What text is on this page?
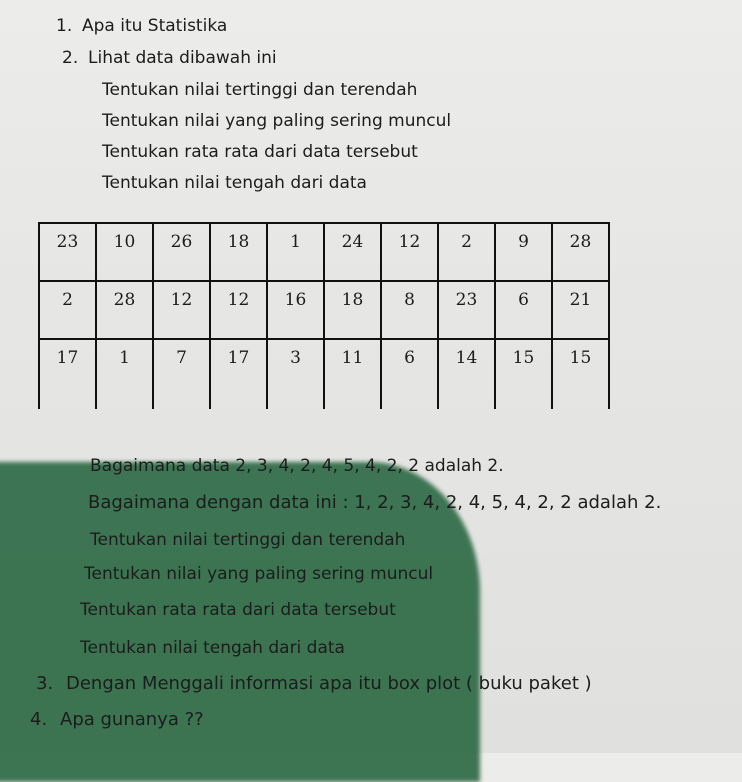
1. Apa itu Statistika
2. Lihat data dibawah ini
Tentukan nilai tertinggi dan terendah
Tentukan nilai yang paling sering muncul
Tentukan rata rata dari data tersebut
Tentukan nilai tengah dari data
23	10	26	18	1	24	12	2	9	28
2	28	12	12	16	18	8	23	6	21
17	1	7	17	3	11	6	14	15	15
Bagaimana data 2, 3, 4, 2, 4, 5, 4, 2, 2 adalah 2.
Bagaimana dengan data ini : 1, 2, 3, 4, 2, 4, 5, 4, 2, 2 adalah 2.
Tentukan nilai tertinggi dan terendah
Tentukan nilai yang paling sering muncul
Tentukan rata rata dari data tersebut
Tentukan nilai tengah dari data
3. Dengan Menggali informasi apa itu box plot ( buku paket )
4. Apa gunanya ??
